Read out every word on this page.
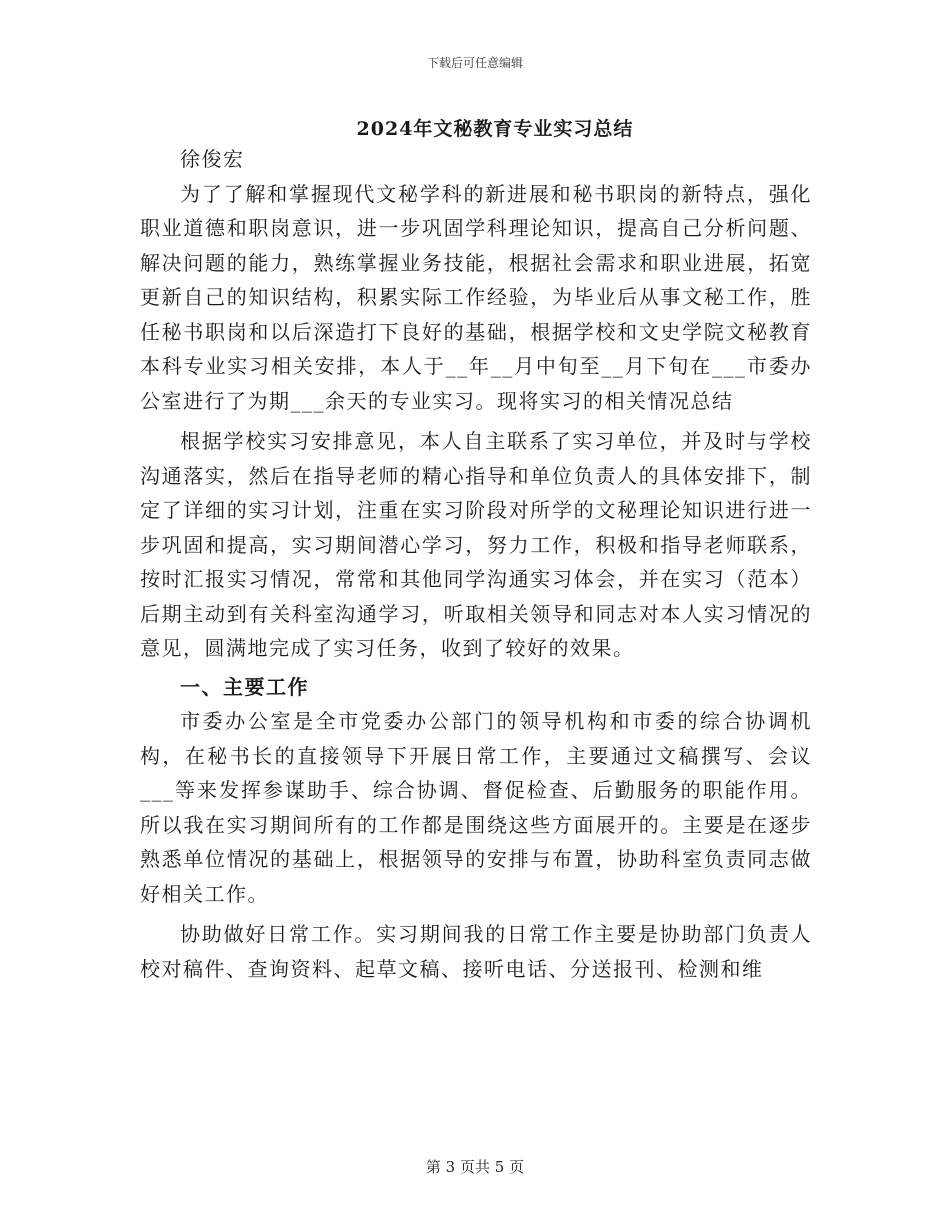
下载后可任意编辑
2024年文秘教育专业实习总结

徐俊宏

为了了解和掌握现代文秘学科的新进展和秘书职岗的新特点，强化职业道德和职岗意识，进一步巩固学科理论知识，提高自己分析问题、解决问题的能力，熟练掌握业务技能，根据社会需求和职业进展，拓宽更新自己的知识结构，积累实际工作经验，为毕业后从事文秘工作，胜任秘书职岗和以后深造打下良好的基础，根据学校和文史学院文秘教育本科专业实习相关安排，本人于__年__月中旬至__月下旬在___市委办公室进行了为期___余天的专业实习。现将实习的相关情况总结

根据学校实习安排意见，本人自主联系了实习单位，并及时与学校沟通落实，然后在指导老师的精心指导和单位负责人的具体安排下，制定了详细的实习计划，注重在实习阶段对所学的文秘理论知识进行进一步巩固和提高，实习期间潜心学习，努力工作，积极和指导老师联系，按时汇报实习情况，常常和其他同学沟通实习体会，并在实习（范本）后期主动到有关科室沟通学习，听取相关领导和同志对本人实习情况的意见，圆满地完成了实习任务，收到了较好的效果。

一、主要工作

市委办公室是全市党委办公部门的领导机构和市委的综合协调机构，在秘书长的直接领导下开展日常工作，主要通过文稿撰写、会议___等来发挥参谋助手、综合协调、督促检查、后勤服务的职能作用。所以我在实习期间所有的工作都是围绕这些方面展开的。主要是在逐步熟悉单位情况的基础上，根据领导的安排与布置，协助科室负责同志做好相关工作。

协助做好日常工作。实习期间我的日常工作主要是协助部门负责人校对稿件、查询资料、起草文稿、接听电话、分送报刊、检测和维

第 3 页共 5 页
